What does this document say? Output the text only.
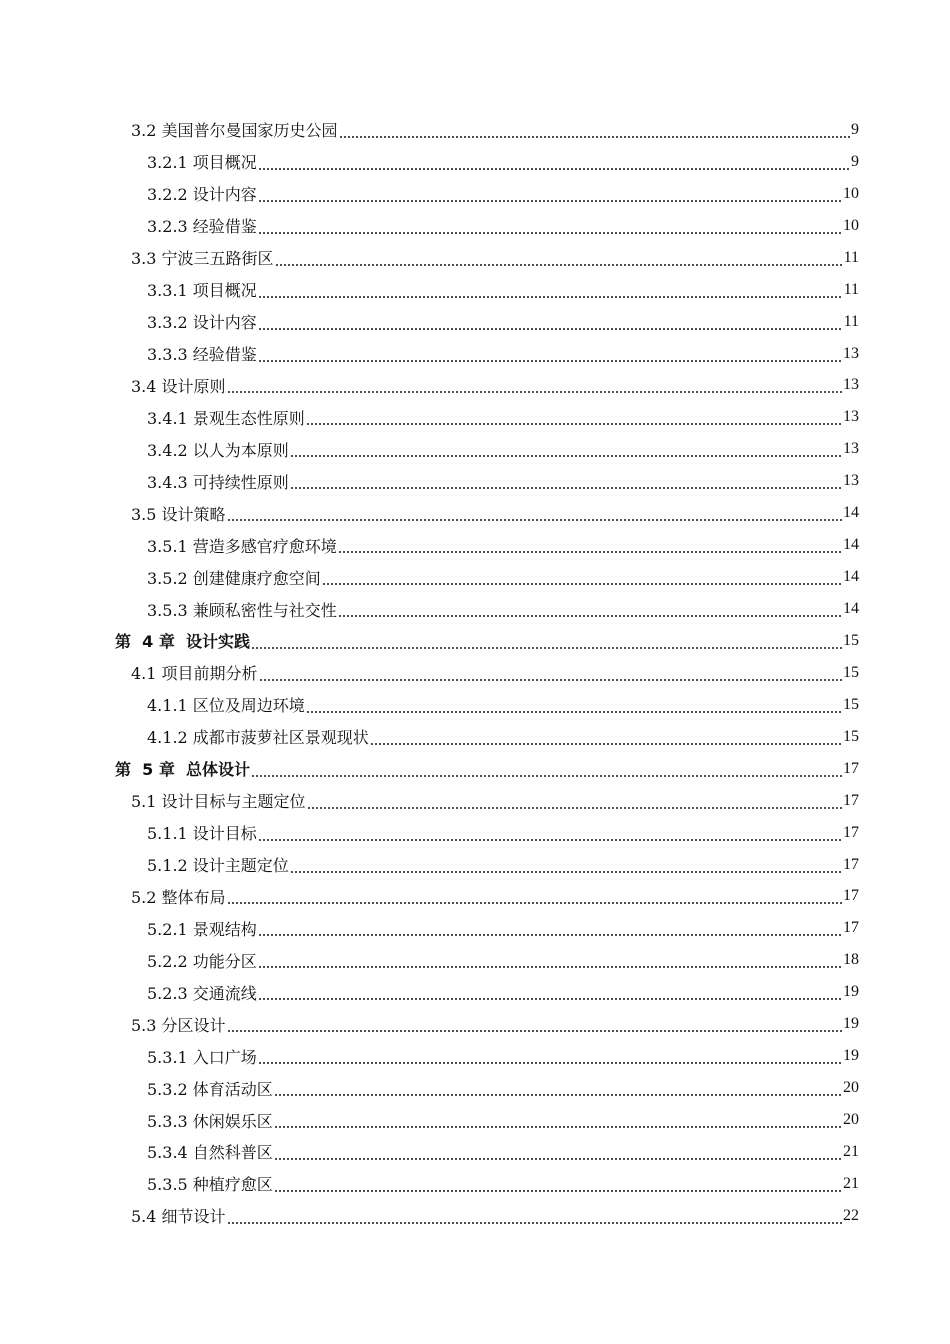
3.2 美国普尔曼国家历史公园	9
3.2.1 项目概况	9
3.2.2 设计内容	10
3.2.3 经验借鉴	10
3.3 宁波三五路街区	11
3.3.1 项目概况	11
3.3.2 设计内容	11
3.3.3 经验借鉴	13
3.4 设计原则	13
3.4.1 景观生态性原则	13
3.4.2 以人为本原则	13
3.4.3 可持续性原则	13
3.5 设计策略	14
3.5.1 营造多感官疗愈环境	14
3.5.2 创建健康疗愈空间	14
3.5.3 兼顾私密性与社交性	14
第  4 章  设计实践	15
4.1 项目前期分析	15
4.1.1 区位及周边环境	15
4.1.2 成都市菠萝社区景观现状	15
第  5 章  总体设计	17
5.1 设计目标与主题定位	17
5.1.1 设计目标	17
5.1.2 设计主题定位	17
5.2 整体布局	17
5.2.1 景观结构	17
5.2.2 功能分区	18
5.2.3 交通流线	19
5.3 分区设计	19
5.3.1 入口广场	19
5.3.2 体育活动区	20
5.3.3 休闲娱乐区	20
5.3.4 自然科普区	21
5.3.5 种植疗愈区	21
5.4 细节设计	22
